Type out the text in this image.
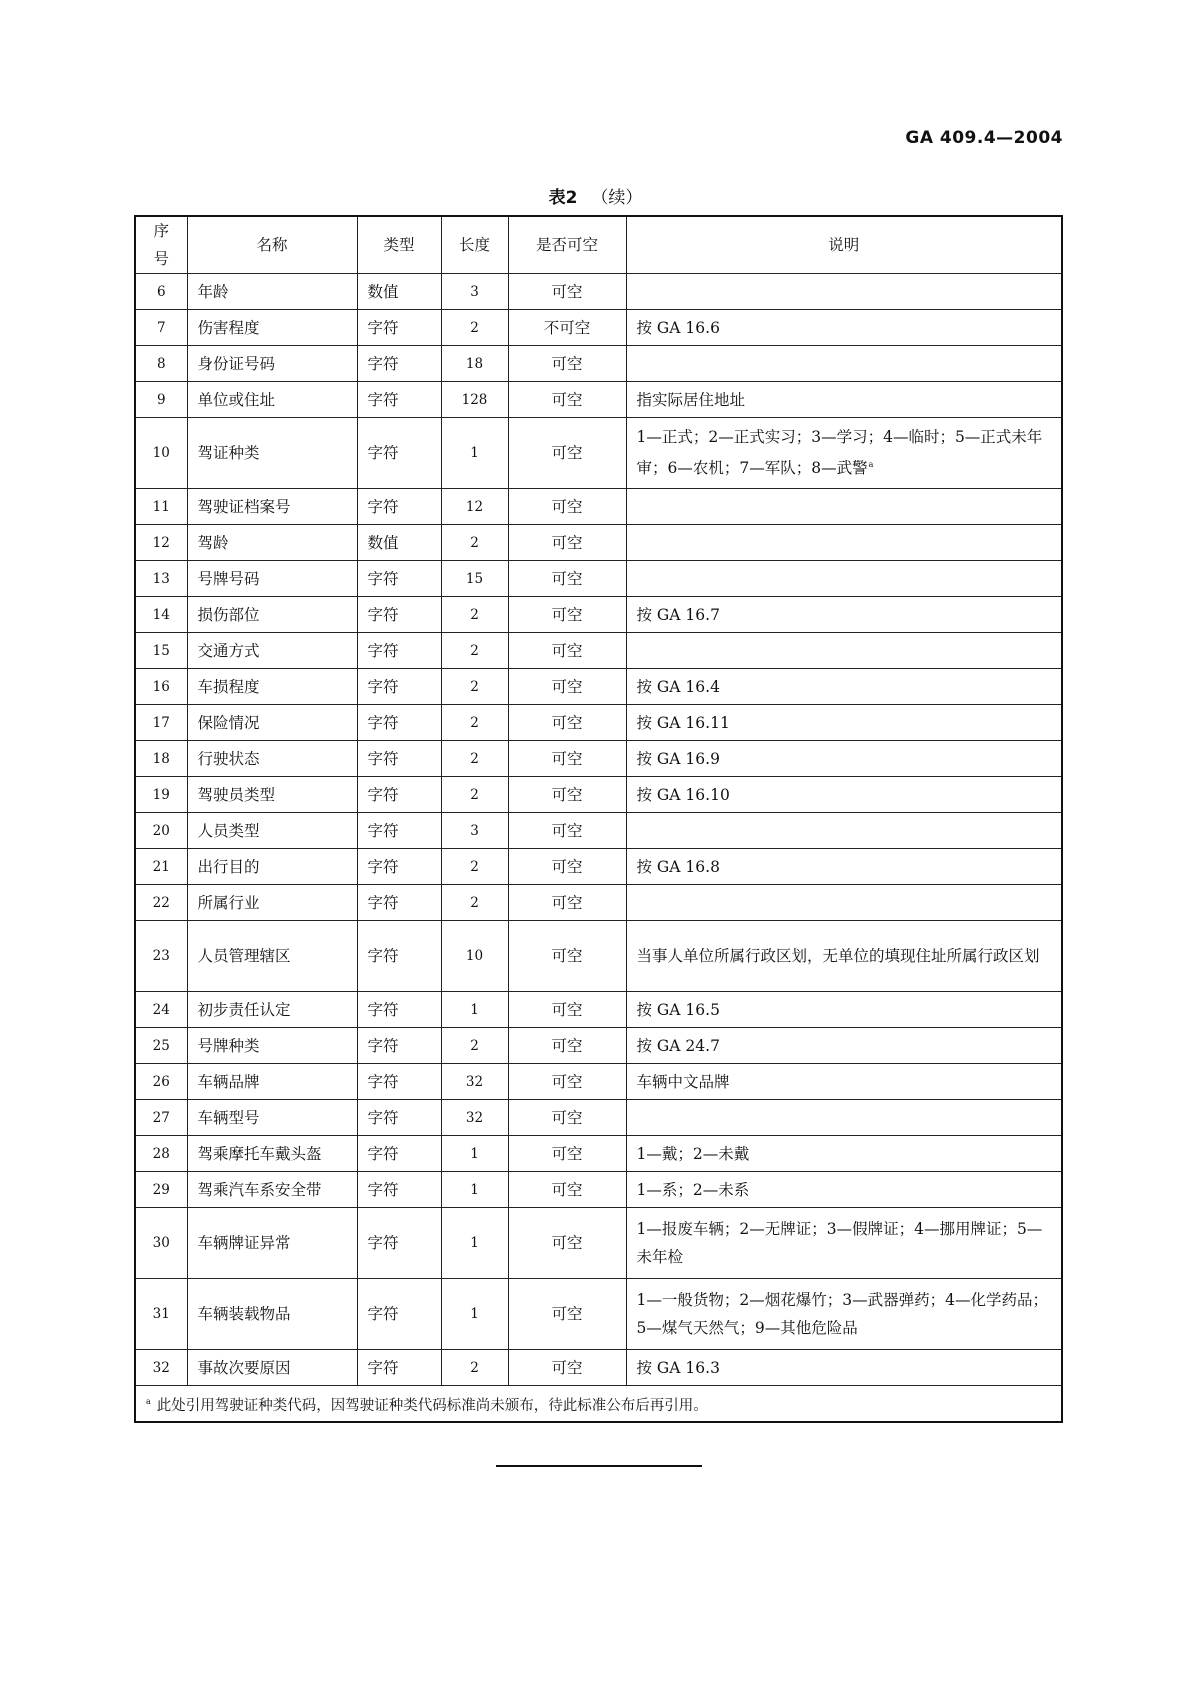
GA 409.4—2004
表2 （续）
序号	名称	类型	长度	是否可空	说明
6	年龄	数值	3	可空	
7	伤害程度	字符	2	不可空	按 GA 16.6
8	身份证号码	字符	18	可空	
9	单位或住址	字符	128	可空	指实际居住地址
10	驾证种类	字符	1	可空	1—正式；2—正式实习；3—学习；4—临时；5—正式未年审；6—农机；7—军队；8—武警$^a$
11	驾驶证档案号	字符	12	可空	
12	驾龄	数值	2	可空	
13	号牌号码	字符	15	可空	
14	损伤部位	字符	2	可空	按 GA 16.7
15	交通方式	字符	2	可空	
16	车损程度	字符	2	可空	按 GA 16.4
17	保险情况	字符	2	可空	按 GA 16.11
18	行驶状态	字符	2	可空	按 GA 16.9
19	驾驶员类型	字符	2	可空	按 GA 16.10
20	人员类型	字符	3	可空	
21	出行目的	字符	2	可空	按 GA 16.8
22	所属行业	字符	2	可空	
23	人员管理辖区	字符	10	可空	当事人单位所属行政区划，无单位的填现住址所属行政区划
24	初步责任认定	字符	1	可空	按 GA 16.5
25	号牌种类	字符	2	可空	按 GA 24.7
26	车辆品牌	字符	32	可空	车辆中文品牌
27	车辆型号	字符	32	可空	
28	驾乘摩托车戴头盔	字符	1	可空	1—戴；2—未戴
29	驾乘汽车系安全带	字符	1	可空	1—系；2—未系
30	车辆牌证异常	字符	1	可空	1—报废车辆；2—无牌证；3—假牌证；4—挪用牌证；5—未年检
31	车辆装载物品	字符	1	可空	1—一般货物；2—烟花爆竹；3—武器弹药；4—化学药品；5—煤气天然气；9—其他危险品
32	事故次要原因	字符	2	可空	按 GA 16.3
$^a$ 此处引用驾驶证种类代码，因驾驶证种类代码标准尚未颁布，待此标准公布后再引用。					
